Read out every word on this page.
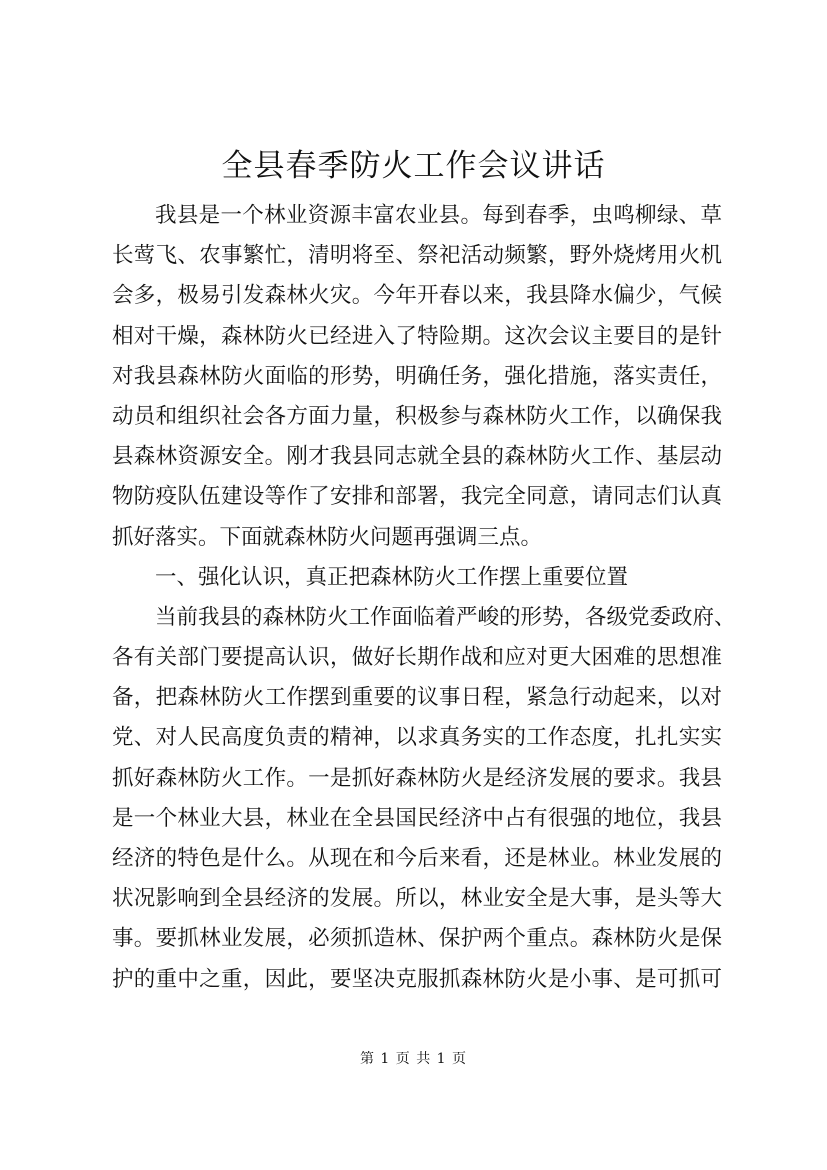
全县春季防火工作会议讲话
我县是一个林业资源丰富农业县。每到春季，虫鸣柳绿、草
长莺飞、农事繁忙，清明将至、祭祀活动频繁，野外烧烤用火机
会多，极易引发森林火灾。今年开春以来，我县降水偏少，气候
相对干燥，森林防火已经进入了特险期。这次会议主要目的是针
对我县森林防火面临的形势，明确任务，强化措施，落实责任，
动员和组织社会各方面力量，积极参与森林防火工作，以确保我
县森林资源安全。刚才我县同志就全县的森林防火工作、基层动
物防疫队伍建设等作了安排和部署，我完全同意，请同志们认真
抓好落实。下面就森林防火问题再强调三点。
一、强化认识，真正把森林防火工作摆上重要位置
当前我县的森林防火工作面临着严峻的形势，各级党委政府、
各有关部门要提高认识，做好长期作战和应对更大困难的思想准
备，把森林防火工作摆到重要的议事日程，紧急行动起来，以对
党、对人民高度负责的精神，以求真务实的工作态度，扎扎实实
抓好森林防火工作。一是抓好森林防火是经济发展的要求。我县
是一个林业大县，林业在全县国民经济中占有很强的地位，我县
经济的特色是什么。从现在和今后来看，还是林业。林业发展的
状况影响到全县经济的发展。所以，林业安全是大事，是头等大
事。要抓林业发展，必须抓造林、保护两个重点。森林防火是保
护的重中之重，因此，要坚决克服抓森林防火是小事、是可抓可
第 1 页 共 1 页
